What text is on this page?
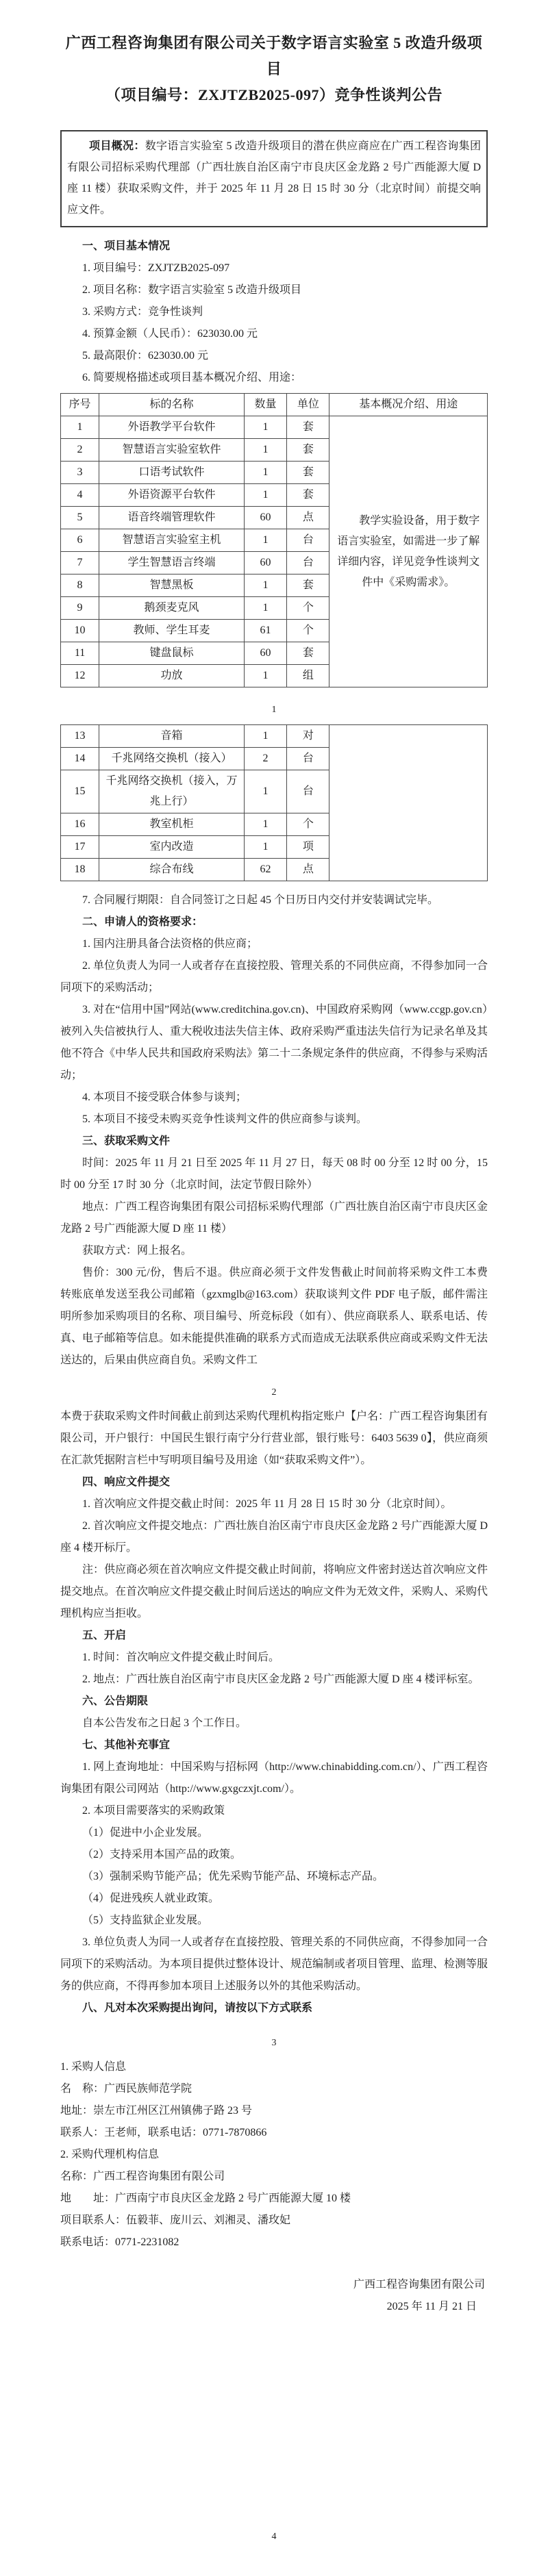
广西工程咨询集团有限公司关于数字语言实验室 5 改造升级项目
（项目编号：ZXJTZB2025-097）竞争性谈判公告

项目概况：数字语言实验室 5 改造升级项目的潜在供应商应在广西工程咨询集团有限公司招标采购代理部（广西壮族自治区南宁市良庆区金龙路 2 号广西能源大厦 D 座 11 楼）获取采购文件，并于 2025 年 11 月 28 日 15 时 30 分（北京时间）前提交响应文件。

一、项目基本情况

1. 项目编号：ZXJTZB2025-097

2. 项目名称：数字语言实验室 5 改造升级项目

3. 采购方式：竞争性谈判

4. 预算金额（人民币）：623030.00 元

5. 最高限价：623030.00 元

6. 简要规格描述或项目基本概况介绍、用途：

序号	标的名称	数量	单位	基本概况介绍、用途
1	外语教学平台软件	1	套	教学实验设备，用于数字语言实验室，如需进一步了解详细内容，详见竞争性谈判文件中《采购需求》。
2	智慧语言实验室软件	1	套	
3	口语考试软件	1	套	
4	外语资源平台软件	1	套	
5	语音终端管理软件	60	点	
6	智慧语言实验室主机	1	台	
7	学生智慧语言终端	60	台	
8	智慧黑板	1	套	
9	鹅颈麦克风	1	个	
10	教师、学生耳麦	61	个	
11	键盘鼠标	60	套	
12	功放	1	组	
1
13	音箱	1	对	
14	千兆网络交换机（接入）	2	台	
15	千兆网络交换机（接入，万兆上行）	1	台	
16	教室机柜	1	个	
17	室内改造	1	项	
18	综合布线	62	点	

7. 合同履行期限：自合同签订之日起 45 个日历日内交付并安装调试完毕。

二、申请人的资格要求：

1. 国内注册具备合法资格的供应商；

2. 单位负责人为同一人或者存在直接控股、管理关系的不同供应商，不得参加同一合同项下的采购活动；

3. 对在“信用中国”网站(www.creditchina.gov.cn)、中国政府采购网（www.ccgp.gov.cn）被列入失信被执行人、重大税收违法失信主体、政府采购严重违法失信行为记录名单及其他不符合《中华人民共和国政府采购法》第二十二条规定条件的供应商，不得参与采购活动；

4. 本项目不接受联合体参与谈判；

5. 本项目不接受未购买竞争性谈判文件的供应商参与谈判。

三、获取采购文件

时间：2025 年 11 月 21 日至 2025 年 11 月 27 日，每天 08 时 00 分至 12 时 00 分，15 时 00 分至 17 时 30 分（北京时间，法定节假日除外）

地点：广西工程咨询集团有限公司招标采购代理部（广西壮族自治区南宁市良庆区金龙路 2 号广西能源大厦 D 座 11 楼）

获取方式：网上报名。

售价：300 元/份，售后不退。供应商必须于文件发售截止时间前将采购文件工本费转账底单发送至我公司邮箱（gzxmglb@163.com）获取谈判文件 PDF 电子版，邮件需注明所参加采购项目的名称、项目编号、所竞标段（如有）、供应商联系人、联系电话、传真、电子邮箱等信息。如未能提供准确的联系方式而造成无法联系供应商或采购文件无法送达的，后果由供应商自负。采购文件工

2

本费于获取采购文件时间截止前到达采购代理机构指定账户【户名：广西工程咨询集团有限公司，开户银行：中国民生银行南宁分行营业部，银行账号：6403 5639 0】，供应商须在汇款凭据附言栏中写明项目编号及用途（如“获取采购文件”）。

四、响应文件提交

1. 首次响应文件提交截止时间：2025 年 11 月 28 日 15 时 30 分（北京时间）。

2. 首次响应文件提交地点：广西壮族自治区南宁市良庆区金龙路 2 号广西能源大厦 D 座 4 楼开标厅。

注：供应商必须在首次响应文件提交截止时间前，将响应文件密封送达首次响应文件提交地点。在首次响应文件提交截止时间后送达的响应文件为无效文件，采购人、采购代理机构应当拒收。

五、开启

1. 时间：首次响应文件提交截止时间后。

2. 地点：广西壮族自治区南宁市良庆区金龙路 2 号广西能源大厦 D 座 4 楼评标室。

六、公告期限

自本公告发布之日起 3 个工作日。

七、其他补充事宜

1. 网上查询地址：中国采购与招标网（http://www.chinabidding.com.cn/）、广西工程咨询集团有限公司网站（http://www.gxgczxjt.com/）。

2. 本项目需要落实的采购政策

（1）促进中小企业发展。

（2）支持采用本国产品的政策。

（3）强制采购节能产品；优先采购节能产品、环境标志产品。

（4）促进残疾人就业政策。

（5）支持监狱企业发展。

3. 单位负责人为同一人或者存在直接控股、管理关系的不同供应商，不得参加同一合同项下的采购活动。为本项目提供过整体设计、规范编制或者项目管理、监理、检测等服务的供应商，不得再参加本项目上述服务以外的其他采购活动。

八、凡对本次采购提出询问，请按以下方式联系

3

1. 采购人信息

名　称：广西民族师范学院

地址：崇左市江州区江州镇佛子路 23 号

联系人：王老师，联系电话：0771-7870866

2. 采购代理机构信息

名称：广西工程咨询集团有限公司

地　　址：广西南宁市良庆区金龙路 2 号广西能源大厦 10 楼

项目联系人：伍毅菲、庞川云、刘湘灵、潘玫妃

联系电话：0771-2231082

广西工程咨询集团有限公司

2025 年 11 月 21 日

4
